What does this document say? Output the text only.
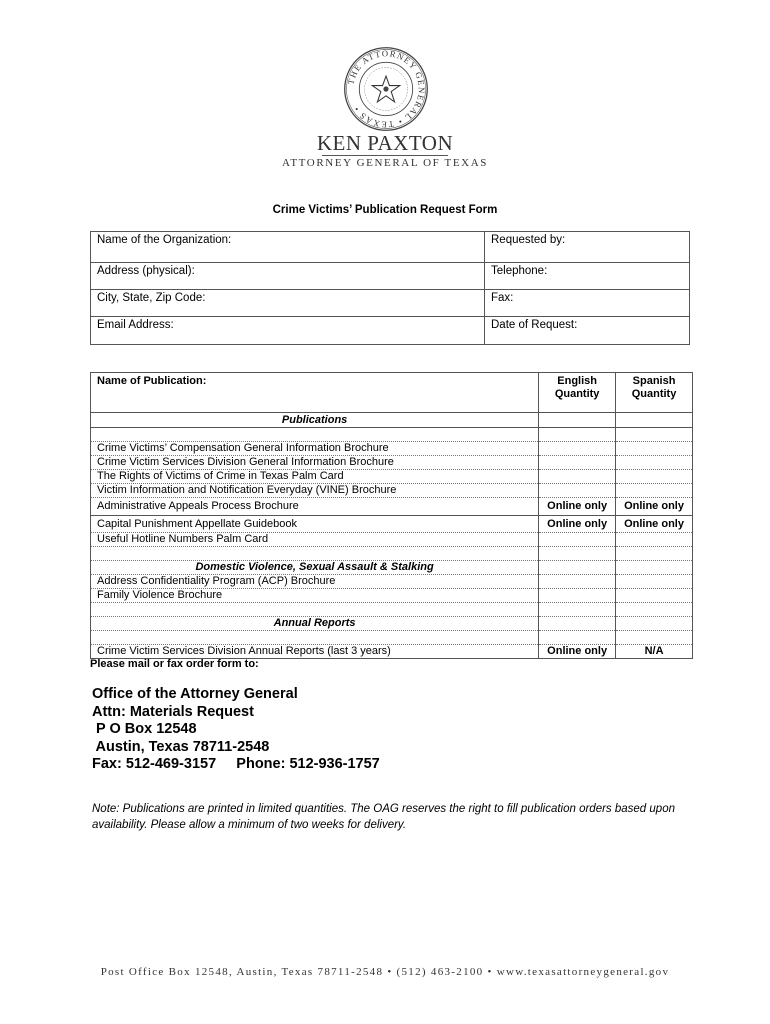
THE ATTORNEY GENERAL • TEXAS •
KEN PAXTON
ATTORNEY GENERAL OF TEXAS
Crime Victims’ Publication Request Form
Name of the Organization:	Requested by:
Address (physical):	Telephone:
City, State, Zip Code:	Fax:
Email Address:	Date of Request:
Name of Publication:	English Quantity	Spanish Quantity
Publications		

Crime Victims’ Compensation General Information Brochure		
Crime Victim Services Division General Information Brochure		
The Rights of Victims of Crime in Texas Palm Card		
Victim Information and Notification Everyday (VINE) Brochure		
Administrative Appeals Process Brochure	Online only	Online only
Capital Punishment Appellate Guidebook	Online only	Online only
Useful Hotline Numbers Palm Card		

Domestic Violence, Sexual Assault & Stalking		
Address Confidentiality Program (ACP) Brochure		
Family Violence Brochure		

Annual Reports		

Crime Victim Services Division Annual Reports (last 3 years)	Online only	N/A
Please mail or fax order form to:
Office of the Attorney General
Attn: Materials Request
P O Box 12548
Austin, Texas 78711-2548
Fax: 512-469-3157     Phone: 512-936-1757
Note: Publications are printed in limited quantities. The OAG reserves the right to fill publication orders based upon availability. Please allow a minimum of two weeks for delivery.
Post Office Box 12548, Austin, Texas 78711-2548 • (512) 463-2100 • www.texasattorneygeneral.gov
